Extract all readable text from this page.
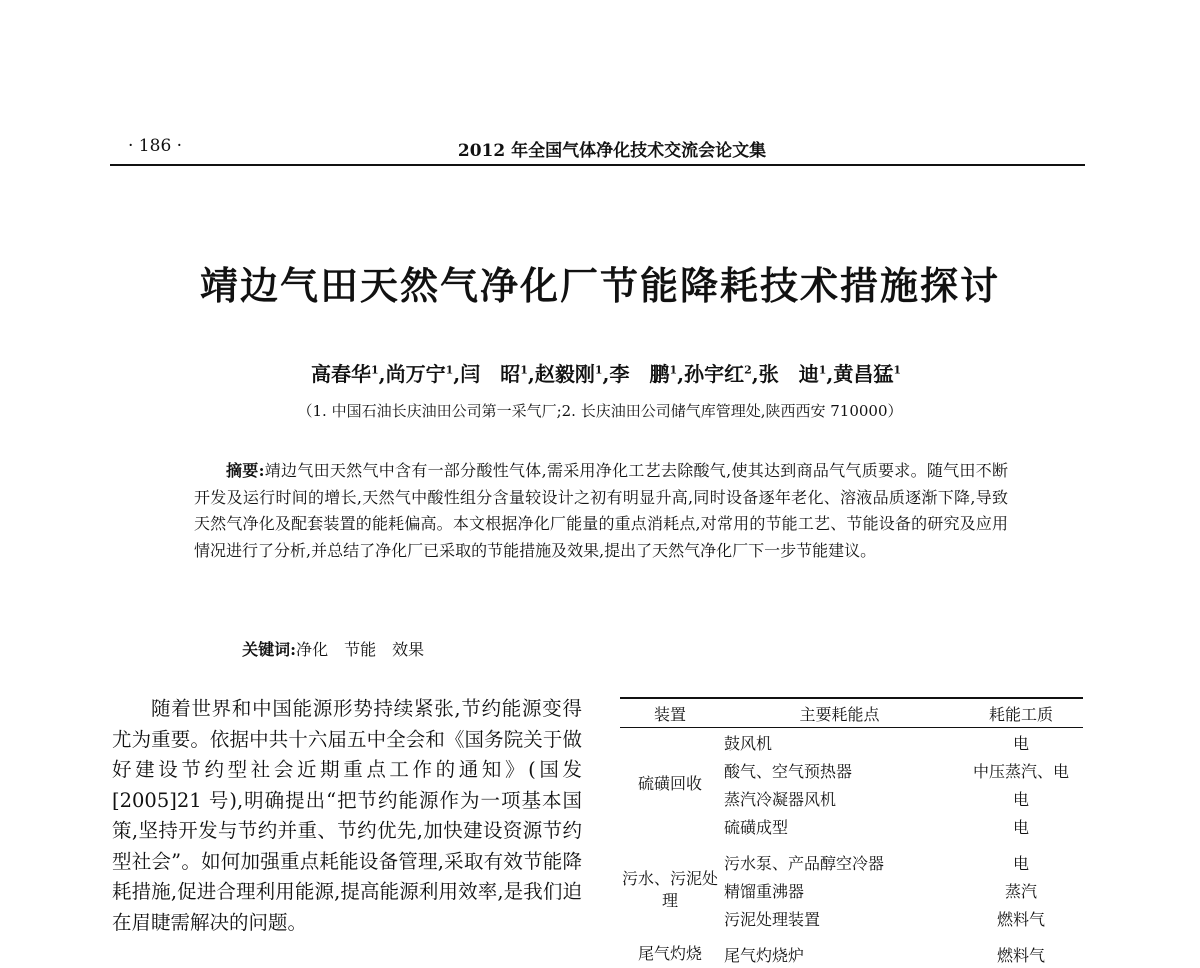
· 186 ·	2012 年全国气体净化技术交流会论文集
靖边气田天然气净化厂节能降耗技术措施探讨
高春华$^1$,尚万宁$^1$,闫　昭$^1$,赵毅刚$^1$,李　鹏$^1$,孙宇红$^2$,张　迪$^1$,黄昌猛$^1$
（1. 中国石油长庆油田公司第一采气厂;2. 长庆油田公司储气库管理处,陕西西安 710000）
摘要:靖边气田天然气中含有一部分酸性气体,需采用净化工艺去除酸气,使其达到商品气气质要求。随气田不断开发及运行时间的增长,天然气中酸性组分含量较设计之初有明显升高,同时设备逐年老化、溶液品质逐渐下降,导致天然气净化及配套装置的能耗偏高。本文根据净化厂能量的重点消耗点,对常用的节能工艺、节能设备的研究及应用情况进行了分析,并总结了净化厂已采取的节能措施及效果,提出了天然气净化厂下一步节能建议。

关键词:净化　节能　效果

随着世界和中国能源形势持续紧张,节约能源变得尤为重要。依据中共十六届五中全会和《国务院关于做好建设节约型社会近期重点工作的通知》(国发[2005]21 号),明确提出“把节约能源作为一项基本国策,坚持开发与节约并重、节约优先,加快建设资源节约型社会”。如何加强重点耗能设备管理,采取有效节能降耗措施,促进合理利用能源,提高能源利用效率,是我们迫在眉睫需解决的问题。
装置	主要耗能点	耗能工质
硫磺回收	鼓风机	电
	酸气、空气预热器	中压蒸汽、电
	蒸汽冷凝器风机	电
	硫磺成型	电

污水、污泥处理	污水泵、产品醇空冷器	电
	精馏重沸器	蒸汽
	污泥处理装置	燃料气

尾气灼烧	尾气灼烧炉	燃料气
